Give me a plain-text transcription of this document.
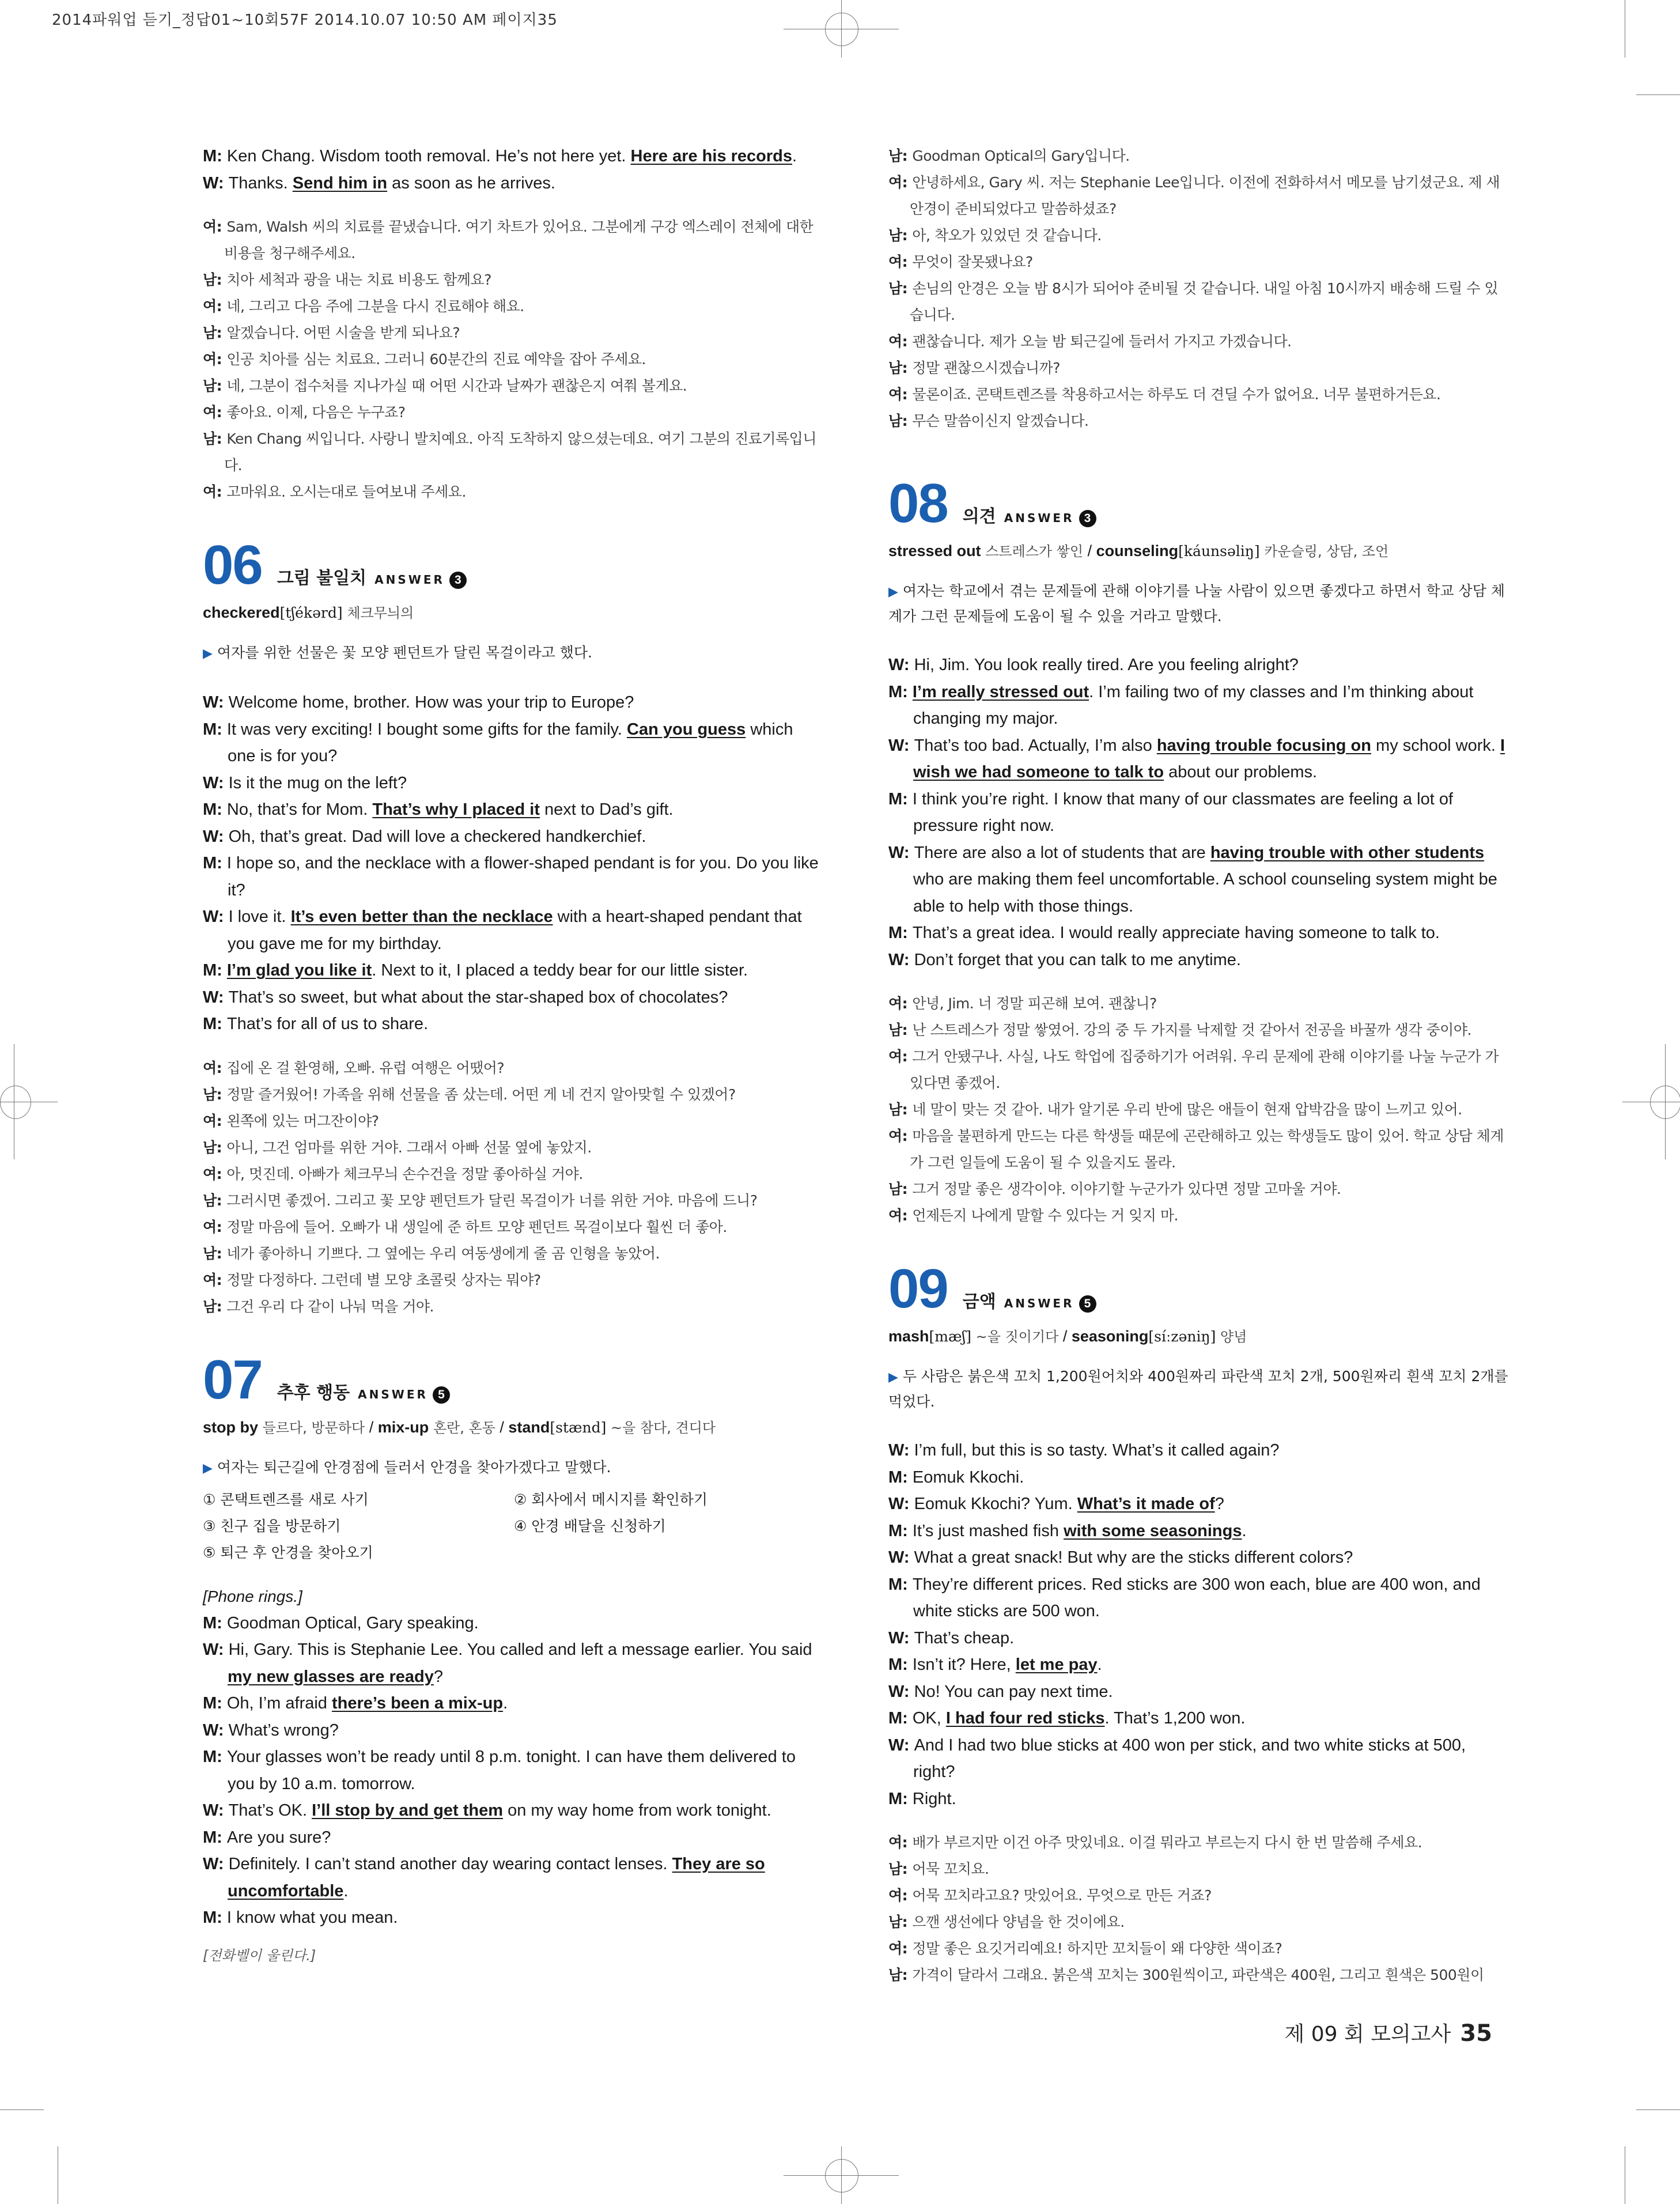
2014파워업 듣기_정답01~10회57F 2014.10.07 10:50 AM 페이지35
M: Ken Chang. Wisdom tooth removal. He’s not here yet. Here are his records.
W: Thanks. Send him in as soon as he arrives.
여: Sam, Walsh 씨의 치료를 끝냈습니다. 여기 차트가 있어요. 그분에게 구강 엑스레이 전체에 대한 비용을 청구해주세요.
남: 치아 세척과 광을 내는 치료 비용도 함께요?
여: 네, 그리고 다음 주에 그분을 다시 진료해야 해요.
남: 알겠습니다. 어떤 시술을 받게 되나요?
여: 인공 치아를 심는 치료요. 그러니 60분간의 진료 예약을 잡아 주세요.
남: 네, 그분이 접수처를 지나가실 때 어떤 시간과 날짜가 괜찮은지 여쭤 볼게요.
여: 좋아요. 이제, 다음은 누구죠?
남: Ken Chang 씨입니다. 사랑니 발치예요. 아직 도착하지 않으셨는데요. 여기 그분의 진료기록입니다.
여: 고마워요. 오시는대로 들여보내 주세요.
06 그림 불일치 ANSWER 3

checkered[tʃékərd] 체크무늬의

▶ 여자를 위한 선물은 꽃 모양 펜던트가 달린 목걸이라고 했다.

W: Welcome home, brother. How was your trip to Europe?
M: It was very exciting! I bought some gifts for the family. Can you guess which one is for you?
W: Is it the mug on the left?
M: No, that’s for Mom. That’s why I placed it next to Dad’s gift.
W: Oh, that’s great. Dad will love a checkered handkerchief.
M: I hope so, and the necklace with a flower-shaped pendant is for you. Do you like it?
W: I love it. It’s even better than the necklace with a heart-shaped pendant that you gave me for my birthday.
M: I’m glad you like it. Next to it, I placed a teddy bear for our little sister.
W: That’s so sweet, but what about the star-shaped box of chocolates?
M: That’s for all of us to share.
여: 집에 온 걸 환영해, 오빠. 유럽 여행은 어땠어?
남: 정말 즐거웠어! 가족을 위해 선물을 좀 샀는데. 어떤 게 네 건지 알아맞힐 수 있겠어?
여: 왼쪽에 있는 머그잔이야?
남: 아니, 그건 엄마를 위한 거야. 그래서 아빠 선물 옆에 놓았지.
여: 아, 멋진데. 아빠가 체크무늬 손수건을 정말 좋아하실 거야.
남: 그러시면 좋겠어. 그리고 꽃 모양 펜던트가 달린 목걸이가 너를 위한 거야. 마음에 드니?
여: 정말 마음에 들어. 오빠가 내 생일에 준 하트 모양 펜던트 목걸이보다 훨씬 더 좋아.
남: 네가 좋아하니 기쁘다. 그 옆에는 우리 여동생에게 줄 곰 인형을 놓았어.
여: 정말 다정하다. 그런데 별 모양 초콜릿 상자는 뭐야?
남: 그건 우리 다 같이 나눠 먹을 거야.
07 추후 행동 ANSWER 5

stop by 들르다, 방문하다 / mix-up 혼란, 혼동 / stand[stænd] ~을 참다, 견디다

▶ 여자는 퇴근길에 안경점에 들러서 안경을 찾아가겠다고 말했다.

① 콘택트렌즈를 새로 사기	② 회사에서 메시지를 확인하기
③ 친구 집을 방문하기	④ 안경 배달을 신청하기
⑤ 퇴근 후 안경을 찾아오기

[Phone rings.]

M: Goodman Optical, Gary speaking.
W: Hi, Gary. This is Stephanie Lee. You called and left a message earlier. You said my new glasses are ready?
M: Oh, I’m afraid there’s been a mix-up.
W: What’s wrong?
M: Your glasses won’t be ready until 8 p.m. tonight. I can have them delivered to you by 10 a.m. tomorrow.
W: That’s OK. I’ll stop by and get them on my way home from work tonight.
M: Are you sure?
W: Definitely. I can’t stand another day wearing contact lenses. They are so uncomfortable.
M: I know what you mean.

[전화벨이 울린다.]

남: Goodman Optical의 Gary입니다.
여: 안녕하세요, Gary 씨. 저는 Stephanie Lee입니다. 이전에 전화하셔서 메모를 남기셨군요. 제 새 안경이 준비되었다고 말씀하셨죠?
남: 아, 착오가 있었던 것 같습니다.
여: 무엇이 잘못됐나요?
남: 손님의 안경은 오늘 밤 8시가 되어야 준비될 것 같습니다. 내일 아침 10시까지 배송해 드릴 수 있습니다.
여: 괜찮습니다. 제가 오늘 밤 퇴근길에 들러서 가지고 가겠습니다.
남: 정말 괜찮으시겠습니까?
여: 물론이죠. 콘택트렌즈를 착용하고서는 하루도 더 견딜 수가 없어요. 너무 불편하거든요.
남: 무슨 말씀이신지 알겠습니다.
08 의견 ANSWER 3

stressed out 스트레스가 쌓인 / counseling[káunsəliŋ] 카운슬링, 상담, 조언

▶ 여자는 학교에서 겪는 문제들에 관해 이야기를 나눌 사람이 있으면 좋겠다고 하면서 학교 상담 체계가 그런 문제들에 도움이 될 수 있을 거라고 말했다.

W: Hi, Jim. You look really tired. Are you feeling alright?
M: I’m really stressed out. I’m failing two of my classes and I’m thinking about changing my major.
W: That’s too bad. Actually, I’m also having trouble focusing on my school work. I wish we had someone to talk to about our problems.
M: I think you’re right. I know that many of our classmates are feeling a lot of pressure right now.
W: There are also a lot of students that are having trouble with other students who are making them feel uncomfortable. A school counseling system might be able to help with those things.
M: That’s a great idea. I would really appreciate having someone to talk to.
W: Don’t forget that you can talk to me anytime.
여: 안녕, Jim. 너 정말 피곤해 보여. 괜찮니?
남: 난 스트레스가 정말 쌓였어. 강의 중 두 가지를 낙제할 것 같아서 전공을 바꿀까 생각 중이야.
여: 그거 안됐구나. 사실, 나도 학업에 집중하기가 어려워. 우리 문제에 관해 이야기를 나눌 누군가 가 있다면 좋겠어.
남: 네 말이 맞는 것 같아. 내가 알기론 우리 반에 많은 애들이 현재 압박감을 많이 느끼고 있어.
여: 마음을 불편하게 만드는 다른 학생들 때문에 곤란해하고 있는 학생들도 많이 있어. 학교 상담 체계가 그런 일들에 도움이 될 수 있을지도 몰라.
남: 그거 정말 좋은 생각이야. 이야기할 누군가가 있다면 정말 고마울 거야.
여: 언제든지 나에게 말할 수 있다는 거 잊지 마.
09 금액 ANSWER 5

mash[mæʃ] ~을 짓이기다 / seasoning[síːzəniŋ] 양념

▶ 두 사람은 붉은색 꼬치 1,200원어치와 400원짜리 파란색 꼬치 2개, 500원짜리 흰색 꼬치 2개를 먹었다.

W: I’m full, but this is so tasty. What’s it called again?
M: Eomuk Kkochi.
W: Eomuk Kkochi? Yum. What’s it made of?
M: It’s just mashed fish with some seasonings.
W: What a great snack! But why are the sticks different colors?
M: They’re different prices. Red sticks are 300 won each, blue are 400 won, and white sticks are 500 won.
W: That’s cheap.
M: Isn’t it? Here, let me pay.
W: No! You can pay next time.
M: OK, I had four red sticks. That’s 1,200 won.
W: And I had two blue sticks at 400 won per stick, and two white sticks at 500, right?
M: Right.
여: 배가 부르지만 이건 아주 맛있네요. 이걸 뭐라고 부르는지 다시 한 번 말씀해 주세요.
남: 어묵 꼬치요.
여: 어묵 꼬치라고요? 맛있어요. 무엇으로 만든 거죠?
남: 으깬 생선에다 양념을 한 것이에요.
여: 정말 좋은 요깃거리예요! 하지만 꼬치들이 왜 다양한 색이죠?
남: 가격이 달라서 그래요. 붉은색 꼬치는 300원씩이고, 파란색은 400원, 그리고 흰색은 500원이
제 09 회 모의고사 35
